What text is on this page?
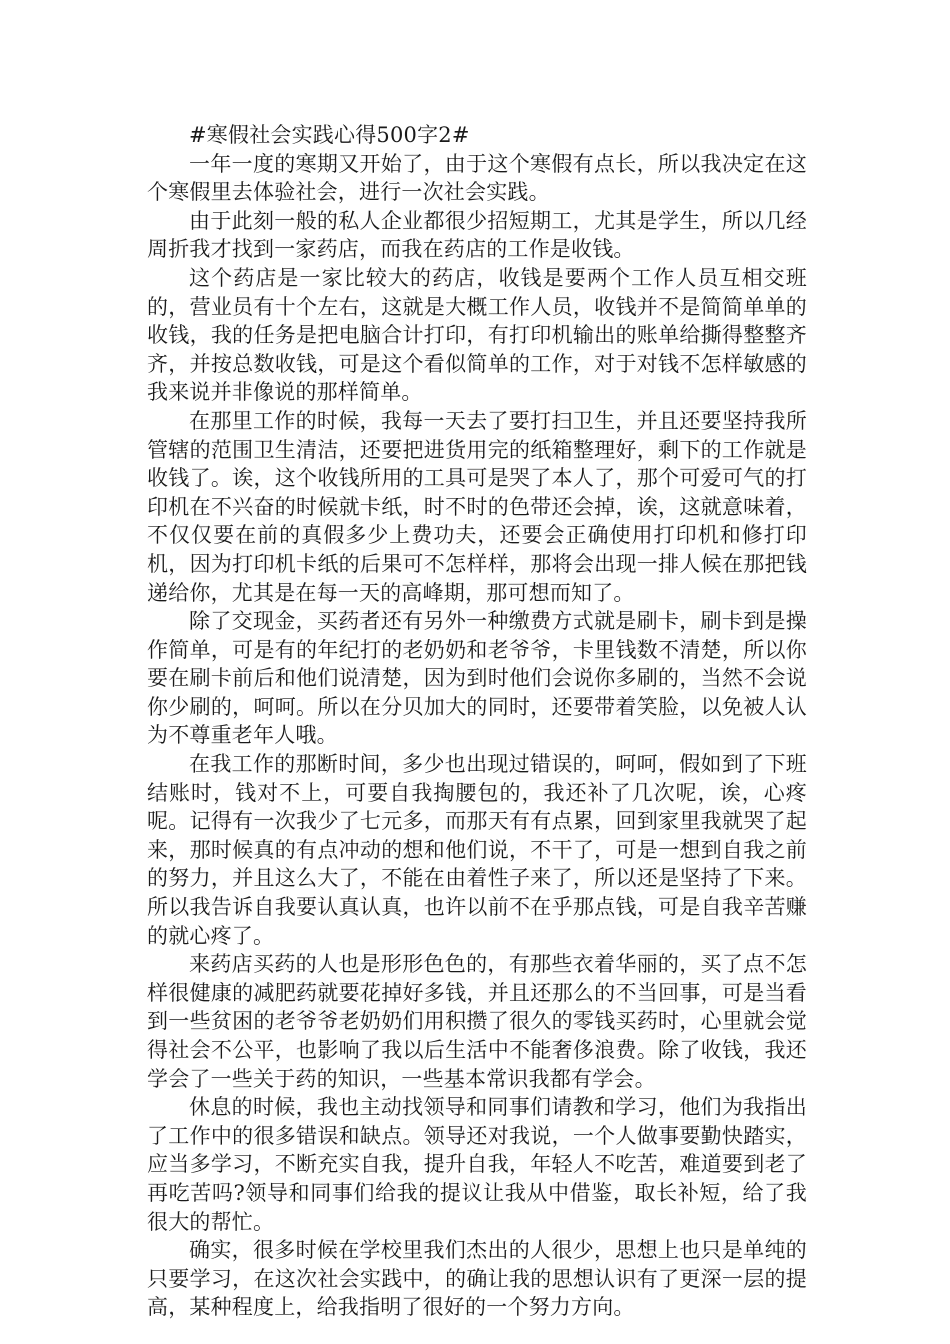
#寒假社会实践心得500字2#

一年一度的寒期又开始了，由于这个寒假有点长，所以我决定在这个寒假里去体验社会，进行一次社会实践。

由于此刻一般的私人企业都很少招短期工，尤其是学生，所以几经周折我才找到一家药店，而我在药店的工作是收钱。

这个药店是一家比较大的药店，收钱是要两个工作人员互相交班的，营业员有十个左右，这就是大概工作人员，收钱并不是简简单单的收钱，我的任务是把电脑合计打印，有打印机输出的账单给撕得整整齐齐，并按总数收钱，可是这个看似简单的工作，对于对钱不怎样敏感的我来说并非像说的那样简单。

在那里工作的时候，我每一天去了要打扫卫生，并且还要坚持我所管辖的范围卫生清洁，还要把进货用完的纸箱整理好，剩下的工作就是收钱了。诶，这个收钱所用的工具可是哭了本人了，那个可爱可气的打印机在不兴奋的时候就卡纸，时不时的色带还会掉，诶，这就意味着，不仅仅要在前的真假多少上费功夫，还要会正确使用打印机和修打印机，因为打印机卡纸的后果可不怎样样，那将会出现一排人候在那把钱递给你，尤其是在每一天的高峰期，那可想而知了。

除了交现金，买药者还有另外一种缴费方式就是刷卡，刷卡到是操作简单，可是有的年纪打的老奶奶和老爷爷，卡里钱数不清楚，所以你要在刷卡前后和他们说清楚，因为到时他们会说你多刷的，当然不会说你少刷的，呵呵。所以在分贝加大的同时，还要带着笑脸，以免被人认为不尊重老年人哦。

在我工作的那断时间，多少也出现过错误的，呵呵，假如到了下班结账时，钱对不上，可要自我掏腰包的，我还补了几次呢，诶，心疼呢。记得有一次我少了七元多，而那天有有点累，回到家里我就哭了起来，那时候真的有点冲动的想和他们说，不干了，可是一想到自我之前的努力，并且这么大了，不能在由着性子来了，所以还是坚持了下来。所以我告诉自我要认真认真，也许以前不在乎那点钱，可是自我辛苦赚的就心疼了。

来药店买药的人也是形形色色的，有那些衣着华丽的，买了点不怎样很健康的减肥药就要花掉好多钱，并且还那么的不当回事，可是当看到一些贫困的老爷爷老奶奶们用积攒了很久的零钱买药时，心里就会觉得社会不公平，也影响了我以后生活中不能奢侈浪费。除了收钱，我还学会了一些关于药的知识，一些基本常识我都有学会。

休息的时候，我也主动找领导和同事们请教和学习，他们为我指出了工作中的很多错误和缺点。领导还对我说，一个人做事要勤快踏实，应当多学习，不断充实自我，提升自我，年轻人不吃苦，难道要到老了再吃苦吗?领导和同事们给我的提议让我从中借鉴，取长补短，给了我很大的帮忙。

确实，很多时候在学校里我们杰出的人很少，思想上也只是单纯的只要学习，在这次社会实践中，的确让我的思想认识有了更深一层的提高，某种程度上，给我指明了很好的一个努力方向。
